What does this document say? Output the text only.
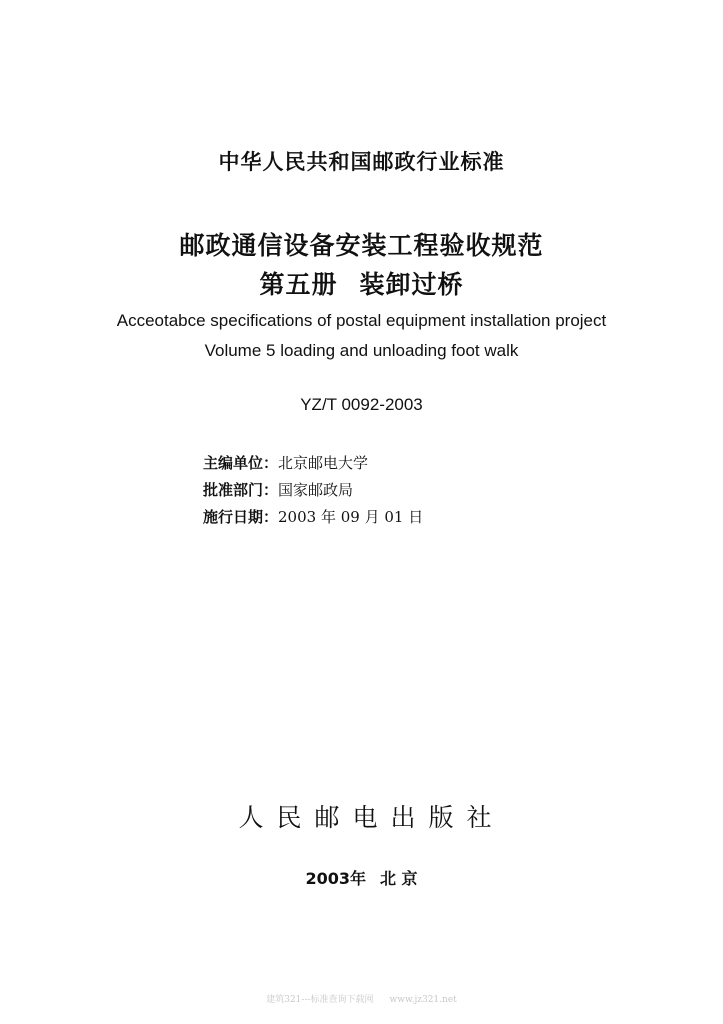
中华人民共和国邮政行业标准
邮政通信设备安装工程验收规范
第五册 装卸过桥
Acceotabce specifications of postal equipment installation project
Volume 5 loading and unloading foot walk
YZ/T 0092-2003
主编单位：北京邮电大学
批准部门：国家邮政局
施行日期：2003 年 09 月 01 日
人民邮电出版社
2003年 北 京
建筑321---标准查询下载网 www.jz321.net
